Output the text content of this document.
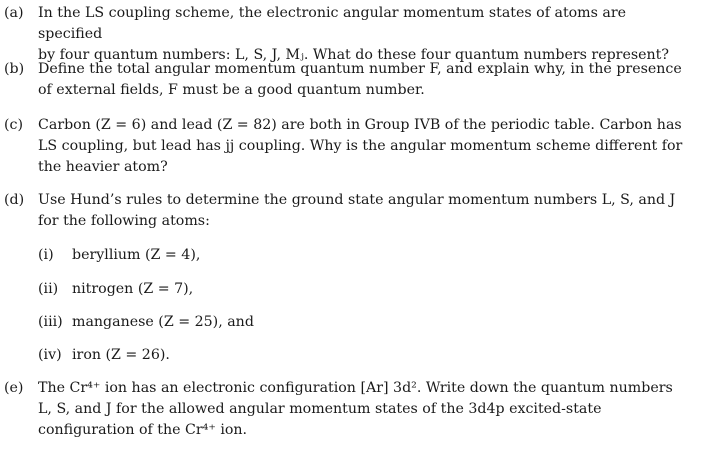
(a)	In the LS coupling scheme, the electronic angular momentum states of atoms are specified
by four quantum numbers: L, S, J, Mⱼ. What do these four quantum numbers represent?
(b) Define the total angular momentum quantum number F, and explain why, in the presence
of external fields, F must be a good quantum number.
(c)	Carbon (Z = 6) and lead (Z = 82) are both in Group IVB of the periodic table. Carbon has
LS coupling, but lead has jj coupling. Why is the angular momentum scheme different for
the heavier atom?
(d) Use Hund’s rules to determine the ground state angular momentum numbers L, S, and J
for the following atoms:
(i) beryllium (Z = 4),
(ii) nitrogen (Z = 7),
(iii) manganese (Z = 25), and
(iv) iron (Z = 26).
(e)	The Cr⁴⁺ ion has an electronic configuration [Ar] 3d². Write down the quantum numbers
L, S, and J for the allowed angular momentum states of the 3d4p excited-state
configuration of the Cr⁴⁺ ion.
